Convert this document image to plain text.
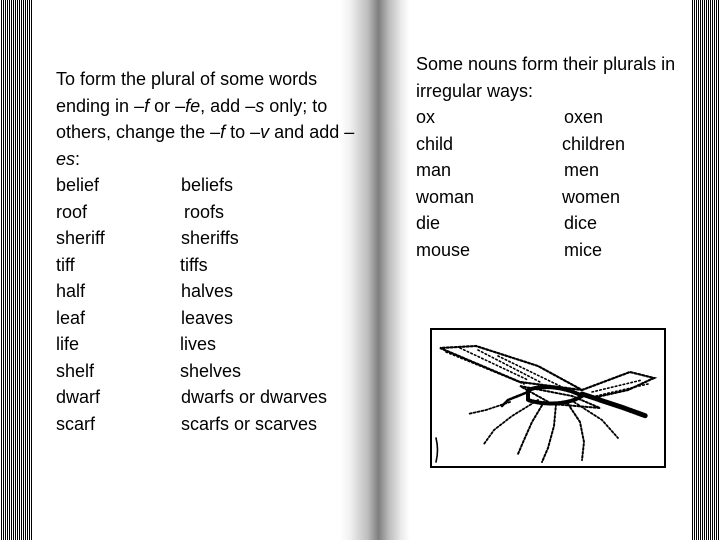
To form the plural of some words ending in –f or –fe, add –s only; to others, change the –f to –v and add –es:

belief	beliefs
roof	roofs
sheriff	sheriffs
tiff	tiffs
half	halves
leaf	leaves
life	lives
shelf	shelves
dwarf	dwarfs or dwarves
scarf	scarfs or scarves

Some nouns form their plurals in irregular ways:

ox	oxen
child	children
man	men
woman	women
die	dice
mouse	mice
